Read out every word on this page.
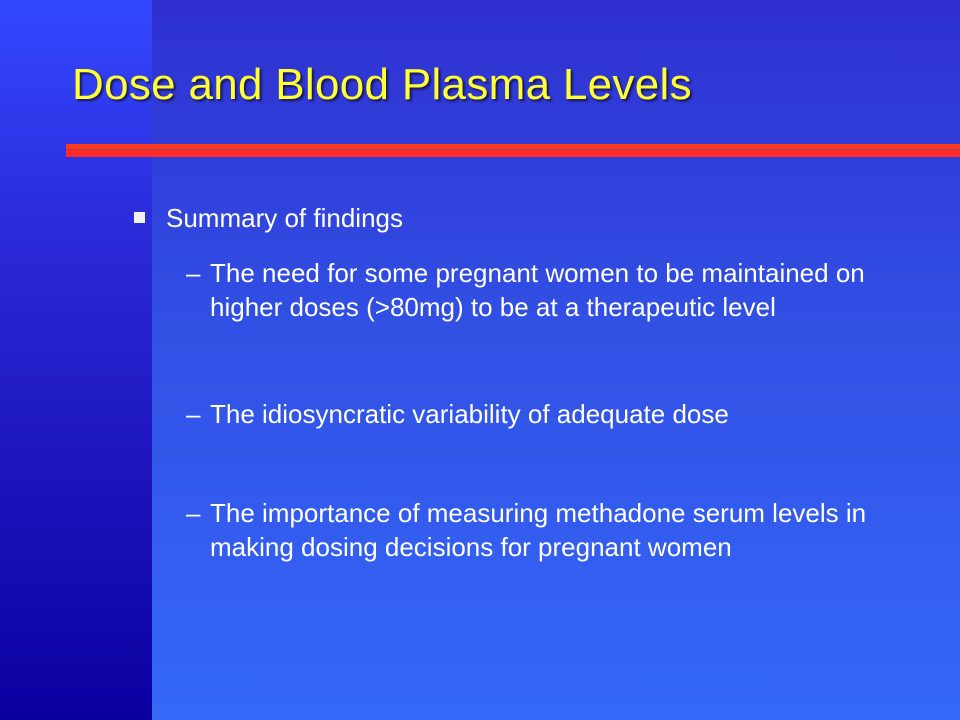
Dose and Blood Plasma Levels

Summary of findings

– The need for some pregnant women to be maintained on higher doses (>80mg) to be at a therapeutic level
– The idiosyncratic variability of adequate dose
– The importance of measuring methadone serum levels in making dosing decisions for pregnant women
